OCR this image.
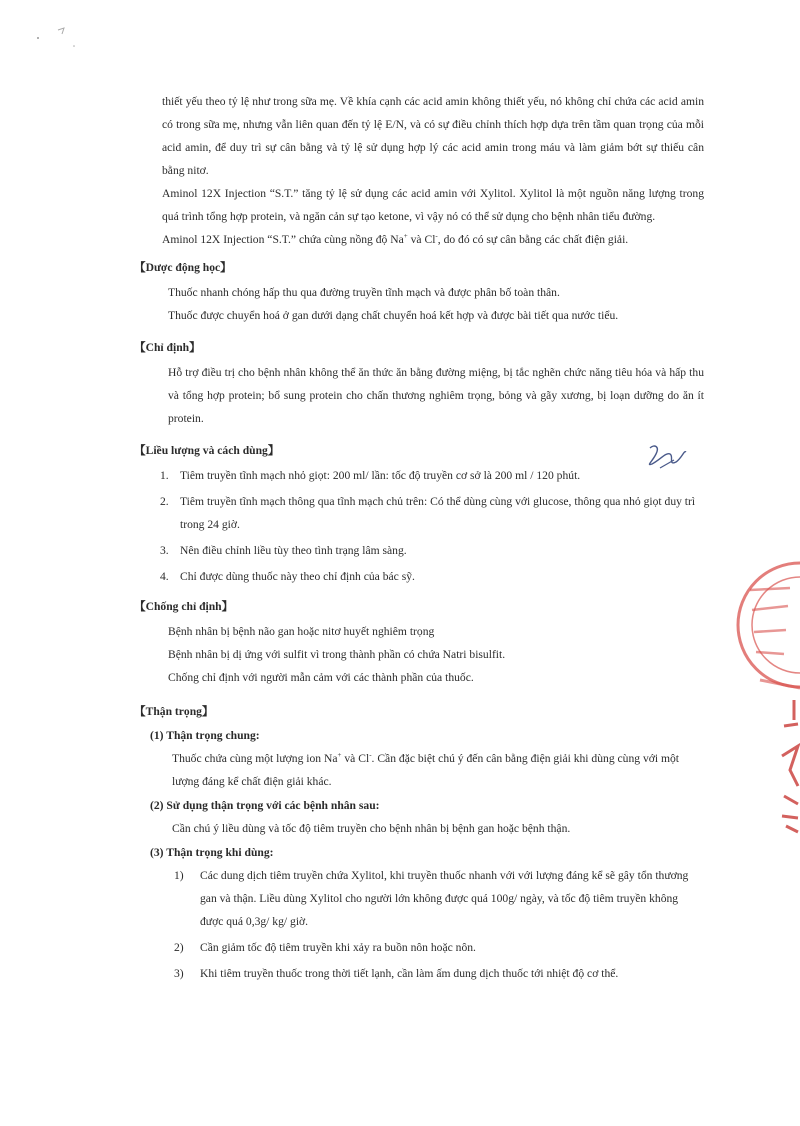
thiết yếu theo tỷ lệ như trong sữa mẹ. Về khía cạnh các acid amin không thiết yếu, nó không chỉ chứa các acid amin có trong sữa mẹ, nhưng vẫn liên quan đến tỷ lệ E/N, và có sự điều chỉnh thích hợp dựa trên tầm quan trọng của mỗi acid amin, để duy trì sự cân bằng và tỷ lệ sử dụng hợp lý các acid amin trong máu và làm giảm bớt sự thiếu cân bằng nitơ.

Aminol 12X Injection “S.T.” tăng tỷ lệ sử dụng các acid amin với Xylitol. Xylitol là một nguồn năng lượng trong quá trình tổng hợp protein, và ngăn cản sự tạo ketone, vì vậy nó có thể sử dụng cho bệnh nhân tiểu đường.

Aminol 12X Injection “S.T.” chứa cùng nồng độ Na+ và Cl-, do đó có sự cân bằng các chất điện giải.

【Dược động học】
Thuốc nhanh chóng hấp thu qua đường truyền tĩnh mạch và được phân bố toàn thân.
Thuốc được chuyển hoá ở gan dưới dạng chất chuyển hoá kết hợp và được bài tiết qua nước tiểu.
【Chỉ định】
Hỗ trợ điều trị cho bệnh nhân không thể ăn thức ăn bằng đường miệng, bị tắc nghẽn chức năng tiêu hóa và hấp thu và tổng hợp protein; bổ sung protein cho chấn thương nghiêm trọng, bỏng và gãy xương, bị loạn dưỡng do ăn ít protein.
【Liều lượng và cách dùng】
1. Tiêm truyền tĩnh mạch nhỏ giọt: 200 ml/ lần: tốc độ truyền cơ sở là 200 ml / 120 phút.
2. Tiêm truyền tĩnh mạch thông qua tĩnh mạch chủ trên: Có thể dùng cùng với glucose, thông qua nhỏ giọt duy trì trong 24 giờ.
3. Nên điều chỉnh liều tùy theo tình trạng lâm sàng.
4. Chỉ được dùng thuốc này theo chỉ định của bác sỹ.
【Chống chỉ định】
Bệnh nhân bị bệnh não gan hoặc nitơ huyết nghiêm trọng
Bệnh nhân bị dị ứng với sulfit vì trong thành phần có chứa Natri bisulfit.
Chống chỉ định với người mẫn cảm với các thành phần của thuốc.
【Thận trọng】
(1) Thận trọng chung:
Thuốc chứa cùng một lượng ion Na+ và Cl-. Cần đặc biệt chú ý đến cân bằng điện giải khi dùng cùng với một lượng đáng kể chất điện giải khác.
(2) Sử dụng thận trọng với các bệnh nhân sau:
Cần chú ý liều dùng và tốc độ tiêm truyền cho bệnh nhân bị bệnh gan hoặc bệnh thận.
(3) Thận trọng khi dùng:
1) Các dung dịch tiêm truyền chứa Xylitol, khi truyền thuốc nhanh với với lượng đáng kể sẽ gây tổn thương gan và thận. Liều dùng Xylitol cho người lớn không được quá 100g/ ngày, và tốc độ tiêm truyền không được quá 0,3g/ kg/ giờ.
2) Cần giảm tốc độ tiêm truyền khi xảy ra buồn nôn hoặc nôn.
3) Khi tiêm truyền thuốc trong thời tiết lạnh, cần làm ấm dung dịch thuốc tới nhiệt độ cơ thể.
